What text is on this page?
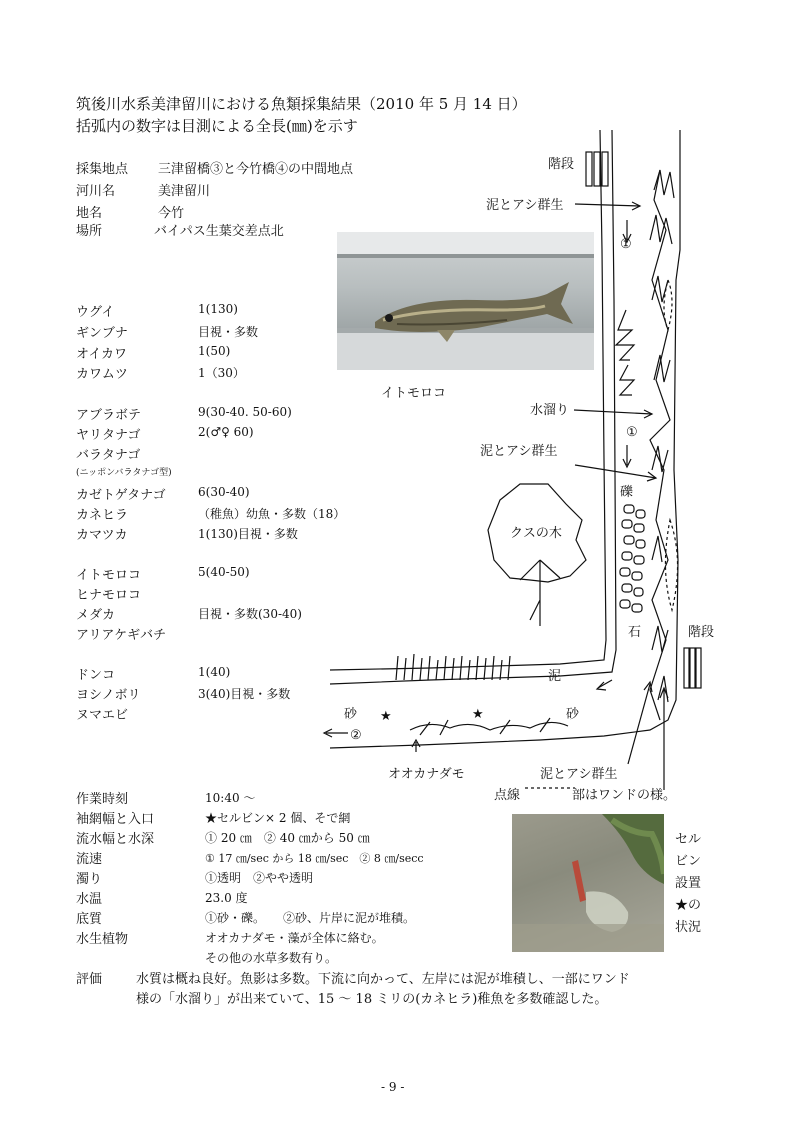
筑後川水系美津留川における魚類採集結果（2010 年 5 月 14 日）
括弧内の数字は目測による全長(㎜)を示す
採集地点 三津留橋③と今竹橋④の中間地点
河川名	美津留川
地名	今竹
場所	バイパス生葉交差点北
イトモロコ
ウグイ	1(130)
ギンブナ	目視・多数
オイカワ	1(50)
カワムツ	1（30）
アブラボテ	9(30-40. 50-60)
ヤリタナゴ	2(♂♀ 60)
バラタナゴ
(ニッポンバラタナゴ型)
カゼトゲタナゴ	6(30-40)
カネヒラ	（稚魚）幼魚・多数（18）
カマツカ	1(130)目視・多数
イトモロコ	5(40-50)
ヒナモロコ
メダカ	目視・多数(30-40)
アリアケギバチ
ドンコ	1(40)
ヨシノボリ	3(40)目視・多数
ヌマエビ
階段
泥とアシ群生
①
水溜り
①
泥とアシ群生
礫
クスの木
石	階段
泥
砂 ★	★	砂
②
オオカナダモ	泥とアシ群生
点線	部はワンドの様。
作業時刻	10:40 〜
袖網幅と入口	★セルビン× 2 個、そで網
流水幅と水深	① 20 ㎝　② 40 ㎝から 50 ㎝
流速	① 17 ㎝/sec から 18 ㎝/sec　② 8 ㎝/secc
濁り	①透明　②やや透明
水温	23.0 度
底質	①砂・礫。　　②砂、片岸に泥が堆積。
水生植物	オオカナダモ・藻が全体に絡む。
その他の水草多数有り。
セル
ビン
設置
★の
状況
評価	水質は概ね良好。魚影は多数。下流に向かって、左岸には泥が堆積し、一部にワンド
様の「水溜り」が出来ていて、15 〜 18 ミリの(カネヒラ)稚魚を多数確認した。
- 9 -
